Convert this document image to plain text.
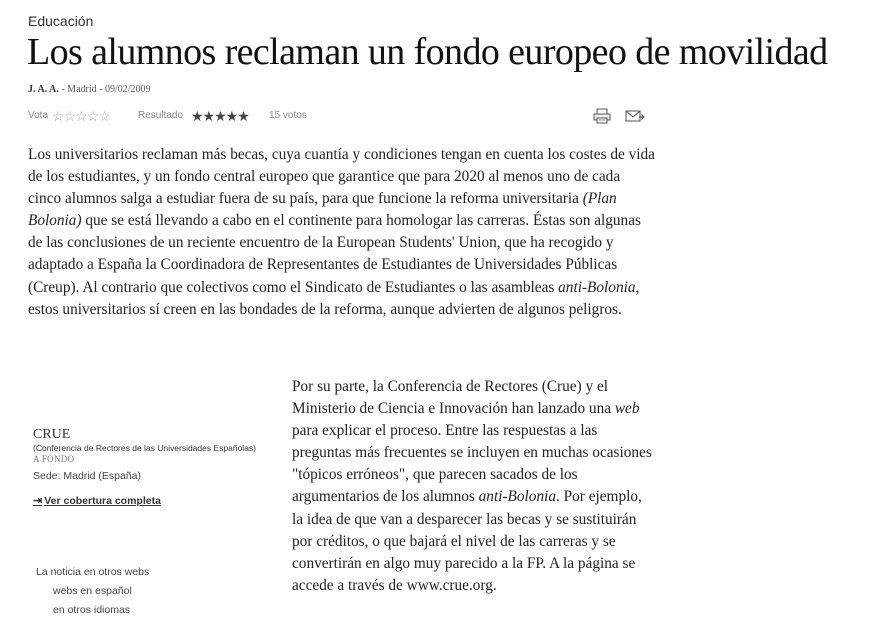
Educación
Los alumnos reclaman un fondo europeo de movilidad
J. A. A. - Madrid - 09/02/2009
Vota ☆☆☆☆☆	Resultado ★★★★★ 15 votos

Los universitarios reclaman más becas, cuya cuantía y condiciones tengan en cuenta los costes de vida de los estudiantes, y un fondo central europeo que garantice que para 2020 al menos uno de cada cinco alumnos salga a estudiar fuera de su país, para que funcione la reforma universitaria (Plan Bolonia) que se está llevando a cabo en el continente para homologar las carreras. Éstas son algunas de las conclusiones de un reciente encuentro de la European Students' Union, que ha recogido y adaptado a España la Coordinadora de Representantes de Estudiantes de Universidades Públicas (Creup). Al contrario que colectivos como el Sindicato de Estudiantes o las asambleas anti-Bolonia, estos universitarios sí creen en las bondades de la reforma, aunque advierten de algunos peligros.

CRUE
(Conferencia de Rectores de las Universidades Españolas)
A FONDO
Sede: Madrid (España)
⇥ Ver cobertura completa

Por su parte, la Conferencia de Rectores (Crue) y el Ministerio de Ciencia e Innovación han lanzado una web para explicar el proceso. Entre las respuestas a las preguntas más frecuentes se incluyen en muchas ocasiones "tópicos erróneos", que parecen sacados de los argumentarios de los alumnos anti-Bolonia. Por ejemplo, la idea de que van a desparecer las becas y se sustituirán por créditos, o que bajará el nivel de las carreras y se convertirán en algo muy parecido a la FP. A la página se accede a través de www.crue.org.

La noticia en otros webs
webs en español
en otros idiomas
